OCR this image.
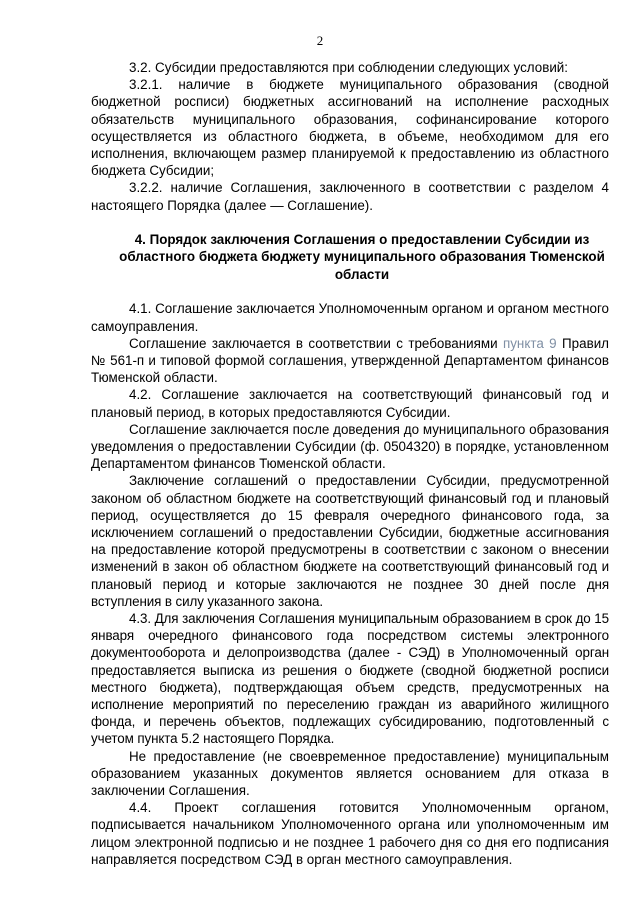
2

3.2. Субсидии предоставляются при соблюдении следующих условий:

3.2.1. наличие в бюджете муниципального образования (сводной бюджетной росписи) бюджетных ассигнований на исполнение расходных обязательств муниципального образования, софинансирование которого осуществляется из областного бюджета, в объеме, необходимом для его исполнения, включающем размер планируемой к предоставлению из областного бюджета Субсидии;

3.2.2. наличие Соглашения, заключенного в соответствии с разделом 4 настоящего Порядка (далее — Соглашение).

4. Порядок заключения Соглашения о предоставлении Субсидии из областного бюджета бюджету муниципального образования Тюменской области

4.1. Соглашение заключается Уполномоченным органом и органом местного самоуправления.

Соглашение заключается в соответствии с требованиями пункта 9 Правил № 561-п и типовой формой соглашения, утвержденной Департаментом финансов Тюменской области.

4.2. Соглашение заключается на соответствующий финансовый год и плановый период, в которых предоставляются Субсидии.

Соглашение заключается после доведения до муниципального образования уведомления о предоставлении Субсидии (ф. 0504320) в порядке, установленном Департаментом финансов Тюменской области.

Заключение соглашений о предоставлении Субсидии, предусмотренной законом об областном бюджете на соответствующий финансовый год и плановый период, осуществляется до 15 февраля очередного финансового года, за исключением соглашений о предоставлении Субсидии, бюджетные ассигнования на предоставление которой предусмотрены в соответствии с законом о внесении изменений в закон об областном бюджете на соответствующий финансовый год и плановый период и которые заключаются не позднее 30 дней после дня вступления в силу указанного закона.

4.3. Для заключения Соглашения муниципальным образованием в срок до 15 января очередного финансового года посредством системы электронного документооборота и делопроизводства (далее - СЭД) в Уполномоченный орган предоставляется выписка из решения о бюджете (сводной бюджетной росписи местного бюджета), подтверждающая объем средств, предусмотренных на исполнение мероприятий по переселению граждан из аварийного жилищного фонда, и перечень объектов, подлежащих субсидированию, подготовленный с учетом пункта 5.2 настоящего Порядка.

Не предоставление (не своевременное предоставление) муниципальным образованием указанных документов является основанием для отказа в заключении Соглашения.

4.4. Проект соглашения готовится Уполномоченным органом, подписывается начальником Уполномоченного органа или уполномоченным им лицом электронной подписью и не позднее 1 рабочего дня со дня его подписания направляется посредством СЭД в орган местного самоуправления.
